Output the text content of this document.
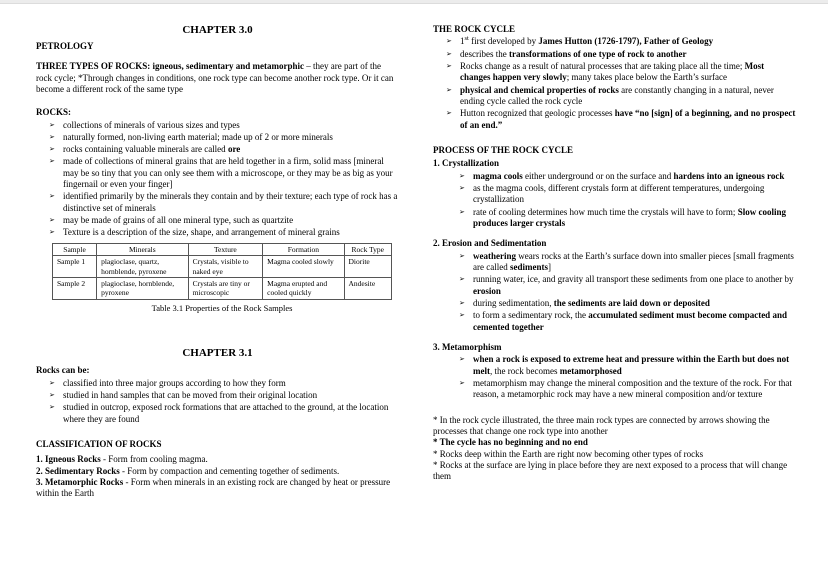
CHAPTER 3.0
PETROLOGY
THREE TYPES OF ROCKS: igneous, sedimentary and metamorphic – they are part of the rock cycle; *Through changes in conditions, one rock type can become another rock type. Or it can become a different rock of the same type
ROCKS:
➢ collections of minerals of various sizes and types
➢ naturally formed, non-living earth material; made up of 2 or more minerals
➢ rocks containing valuable minerals are called ore
➢ made of collections of mineral grains that are held together in a firm, solid mass [mineral may be so tiny that you can only see them with a microscope, or they may be as big as your fingernail or even your finger]
➢ identified primarily by the minerals they contain and by their texture; each type of rock has a distinctive set of minerals
➢ may be made of grains of all one mineral type, such as quartzite
➢ Texture is a description of the size, shape, and arrangement of mineral grains
Sample	Minerals	Texture	Formation	Rock Type
Sample 1	plagioclase, quartz, hornblende, pyroxene	Crystals, visible to naked eye	Magma cooled slowly	Diorite
Sample 2	plagioclase, hornblende, pyroxene	Crystals are tiny or microscopic	Magma erupted and cooled quickly	Andesite
Table 3.1 Properties of the Rock Samples
CHAPTER 3.1
Rocks can be:
➢ classified into three major groups according to how they form
➢ studied in hand samples that can be moved from their original location
➢ studied in outcrop, exposed rock formations that are attached to the ground, at the location where they are found
CLASSIFICATION OF ROCKS
1. Igneous Rocks - Form from cooling magma.
2. Sedimentary Rocks - Form by compaction and cementing together of sediments.
3. Metamorphic Rocks - Form when minerals in an existing rock are changed by heat or pressure within the Earth
THE ROCK CYCLE
➢ 1st first developed by James Hutton (1726-1797), Father of Geology
➢ describes the transformations of one type of rock to another
➢ Rocks change as a result of natural processes that are taking place all the time; Most changes happen very slowly; many takes place below the Earth’s surface
➢ physical and chemical properties of rocks are constantly changing in a natural, never ending cycle called the rock cycle
➢ Hutton recognized that geologic processes have “no [sign] of a beginning, and no prospect of an end.”
PROCESS OF THE ROCK CYCLE
1. Crystallization
➢ magma cools either underground or on the surface and hardens into an igneous rock
➢ as the magma cools, different crystals form at different temperatures, undergoing crystallization
➢ rate of cooling determines how much time the crystals will have to form; Slow cooling produces larger crystals
2. Erosion and Sedimentation
➢ weathering wears rocks at the Earth’s surface down into smaller pieces [small fragments are called sediments]
➢ running water, ice, and gravity all transport these sediments from one place to another by erosion
➢ during sedimentation, the sediments are laid down or deposited
➢ to form a sedimentary rock, the accumulated sediment must become compacted and cemented together
3. Metamorphism
➢ when a rock is exposed to extreme heat and pressure within the Earth but does not melt, the rock becomes metamorphosed
➢ metamorphism may change the mineral composition and the texture of the rock. For that reason, a metamorphic rock may have a new mineral composition and/or texture
* In the rock cycle illustrated, the three main rock types are connected by arrows showing the processes that change one rock type into another
* The cycle has no beginning and no end
* Rocks deep within the Earth are right now becoming other types of rocks
* Rocks at the surface are lying in place before they are next exposed to a process that will change them
